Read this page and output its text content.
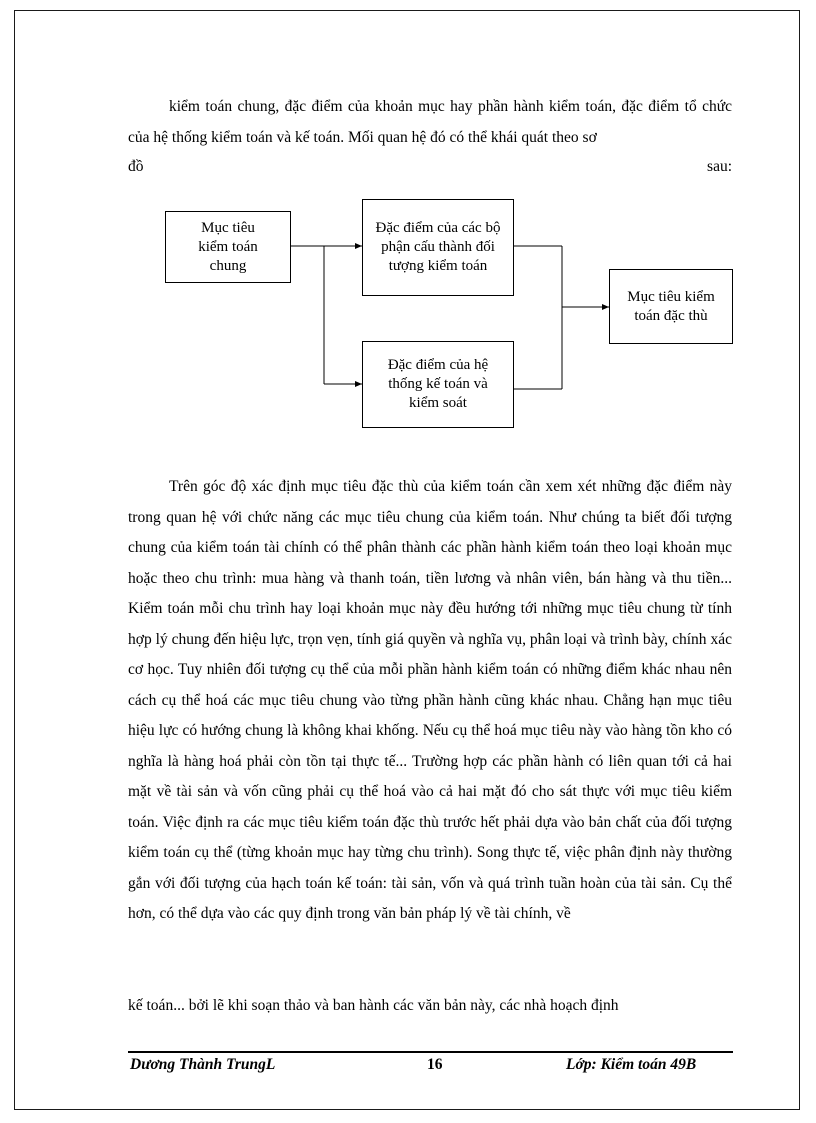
kiểm toán chung, đặc điểm của khoản mục hay phần hành kiểm toán, đặc điểm tổ chức của hệ thống kiểm toán và kế toán. Mối quan hệ đó có thể khái quát theo sơ

đồ	sau:
Mục tiêu kiểm toán chung
Đặc điểm của các bộ phận cấu thành đối tượng kiểm toán
Đặc điểm của hệ thống kế toán và kiểm soát
Mục tiêu kiểm toán đặc thù

Trên góc độ xác định mục tiêu đặc thù của kiểm toán cần xem xét những đặc điểm này trong quan hệ với chức năng các mục tiêu chung của kiểm toán. Như chúng ta biết đối tượng chung của kiểm toán tài chính có thể phân thành các phần hành kiểm toán theo loại khoản mục hoặc theo chu trình: mua hàng và thanh toán, tiền lương và nhân viên, bán hàng và thu tiền... Kiểm toán mỗi chu trình hay loại khoản mục này đều hướng tới những mục tiêu chung từ tính hợp lý chung đến hiệu lực, trọn vẹn, tính giá quyền và nghĩa vụ, phân loại và trình bày, chính xác cơ học. Tuy nhiên đối tượng cụ thể của mỗi phần hành kiểm toán có những điểm khác nhau nên cách cụ thể hoá các mục tiêu chung vào từng phần hành cũng khác nhau. Chẳng hạn mục tiêu hiệu lực có hướng chung là không khai khống. Nếu cụ thể hoá mục tiêu này vào hàng tồn kho có nghĩa là hàng hoá phải còn tồn tại thực tế... Trường hợp các phần hành có liên quan tới cả hai mặt về tài sản và vốn cũng phải cụ thể hoá vào cả hai mặt đó cho sát thực với mục tiêu kiểm toán. Việc định ra các mục tiêu kiểm toán đặc thù trước hết phải dựa vào bản chất của đối tượng kiểm toán cụ thể (từng khoản mục hay từng chu trình). Song thực tế, việc phân định này thường gắn với đối tượng của hạch toán kế toán: tài sản, vốn và quá trình tuần hoàn của tài sản. Cụ thể hơn, có thể dựa vào các quy định trong văn bản pháp lý về tài chính, về

kế toán... bởi lẽ khi soạn thảo và ban hành các văn bản này, các nhà hoạch định
Dương Thành TrungL	16	Lớp: Kiểm toán 49B
